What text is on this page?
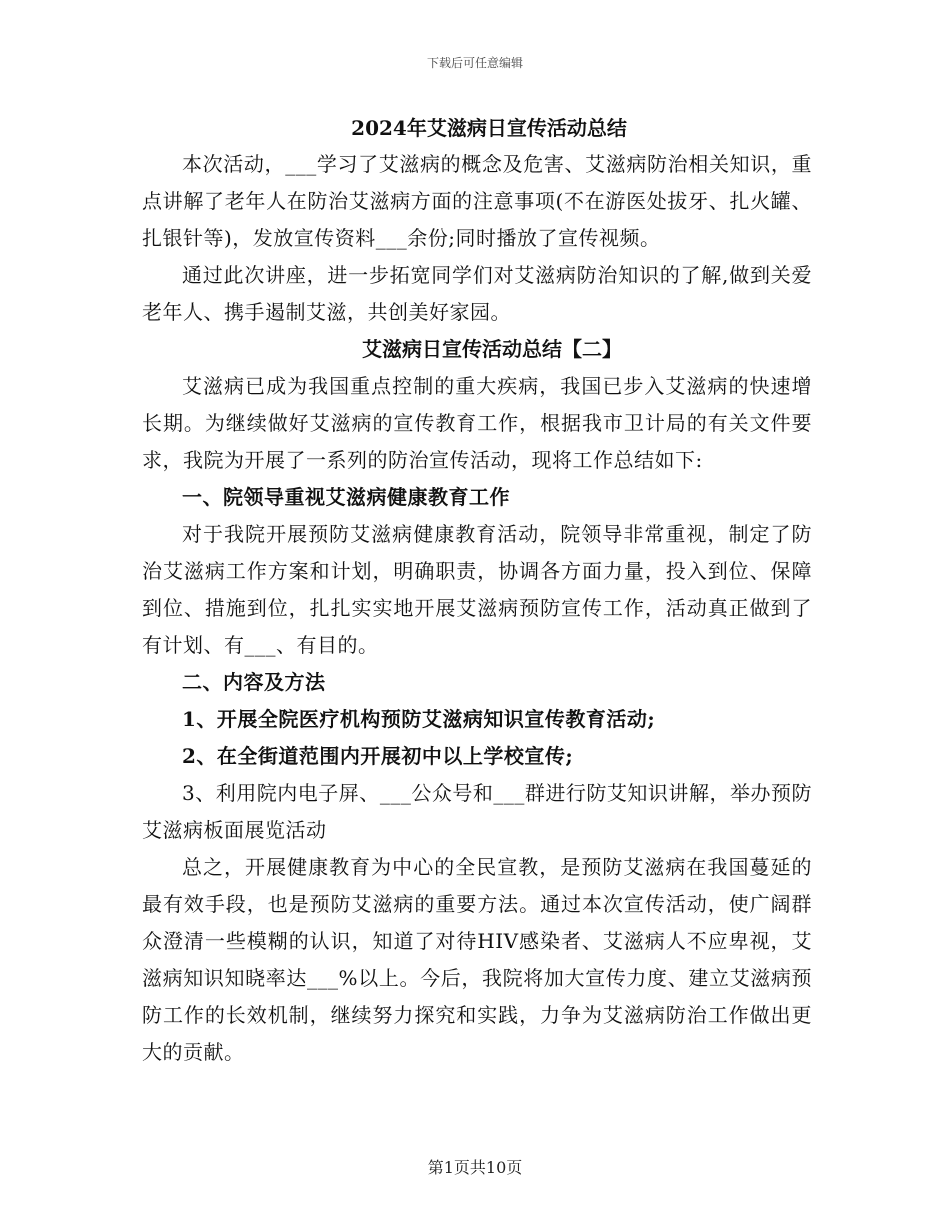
下载后可任意编辑

2024年艾滋病日宣传活动总结

本次活动，___学习了艾滋病的概念及危害、艾滋病防治相关知识，重点讲解了老年人在防治艾滋病方面的注意事项(不在游医处拔牙、扎火罐、扎银针等)，发放宣传资料___余份;同时播放了宣传视频。

通过此次讲座，进一步拓宽同学们对艾滋病防治知识的了解,做到关爱老年人、携手遏制艾滋，共创美好家园。

艾滋病日宣传活动总结【二】

艾滋病已成为我国重点控制的重大疾病，我国已步入艾滋病的快速增长期。为继续做好艾滋病的宣传教育工作，根据我市卫计局的有关文件要求，我院为开展了一系列的防治宣传活动，现将工作总结如下:

一、院领导重视艾滋病健康教育工作

对于我院开展预防艾滋病健康教育活动，院领导非常重视，制定了防治艾滋病工作方案和计划，明确职责，协调各方面力量，投入到位、保障到位、措施到位，扎扎实实地开展艾滋病预防宣传工作，活动真正做到了有计划、有___、有目的。

二、内容及方法

1、开展全院医疗机构预防艾滋病知识宣传教育活动;

2、在全街道范围内开展初中以上学校宣传;

3、利用院内电子屏、___公众号和___群进行防艾知识讲解，举办预防艾滋病板面展览活动

总之，开展健康教育为中心的全民宣教，是预防艾滋病在我国蔓延的最有效手段，也是预防艾滋病的重要方法。通过本次宣传活动，使广阔群众澄清一些模糊的认识，知道了对待HIV感染者、艾滋病人不应卑视，艾滋病知识知晓率达___%以上。今后，我院将加大宣传力度、建立艾滋病预防工作的长效机制，继续努力探究和实践，力争为艾滋病防治工作做出更大的贡献。

第1页共10页
